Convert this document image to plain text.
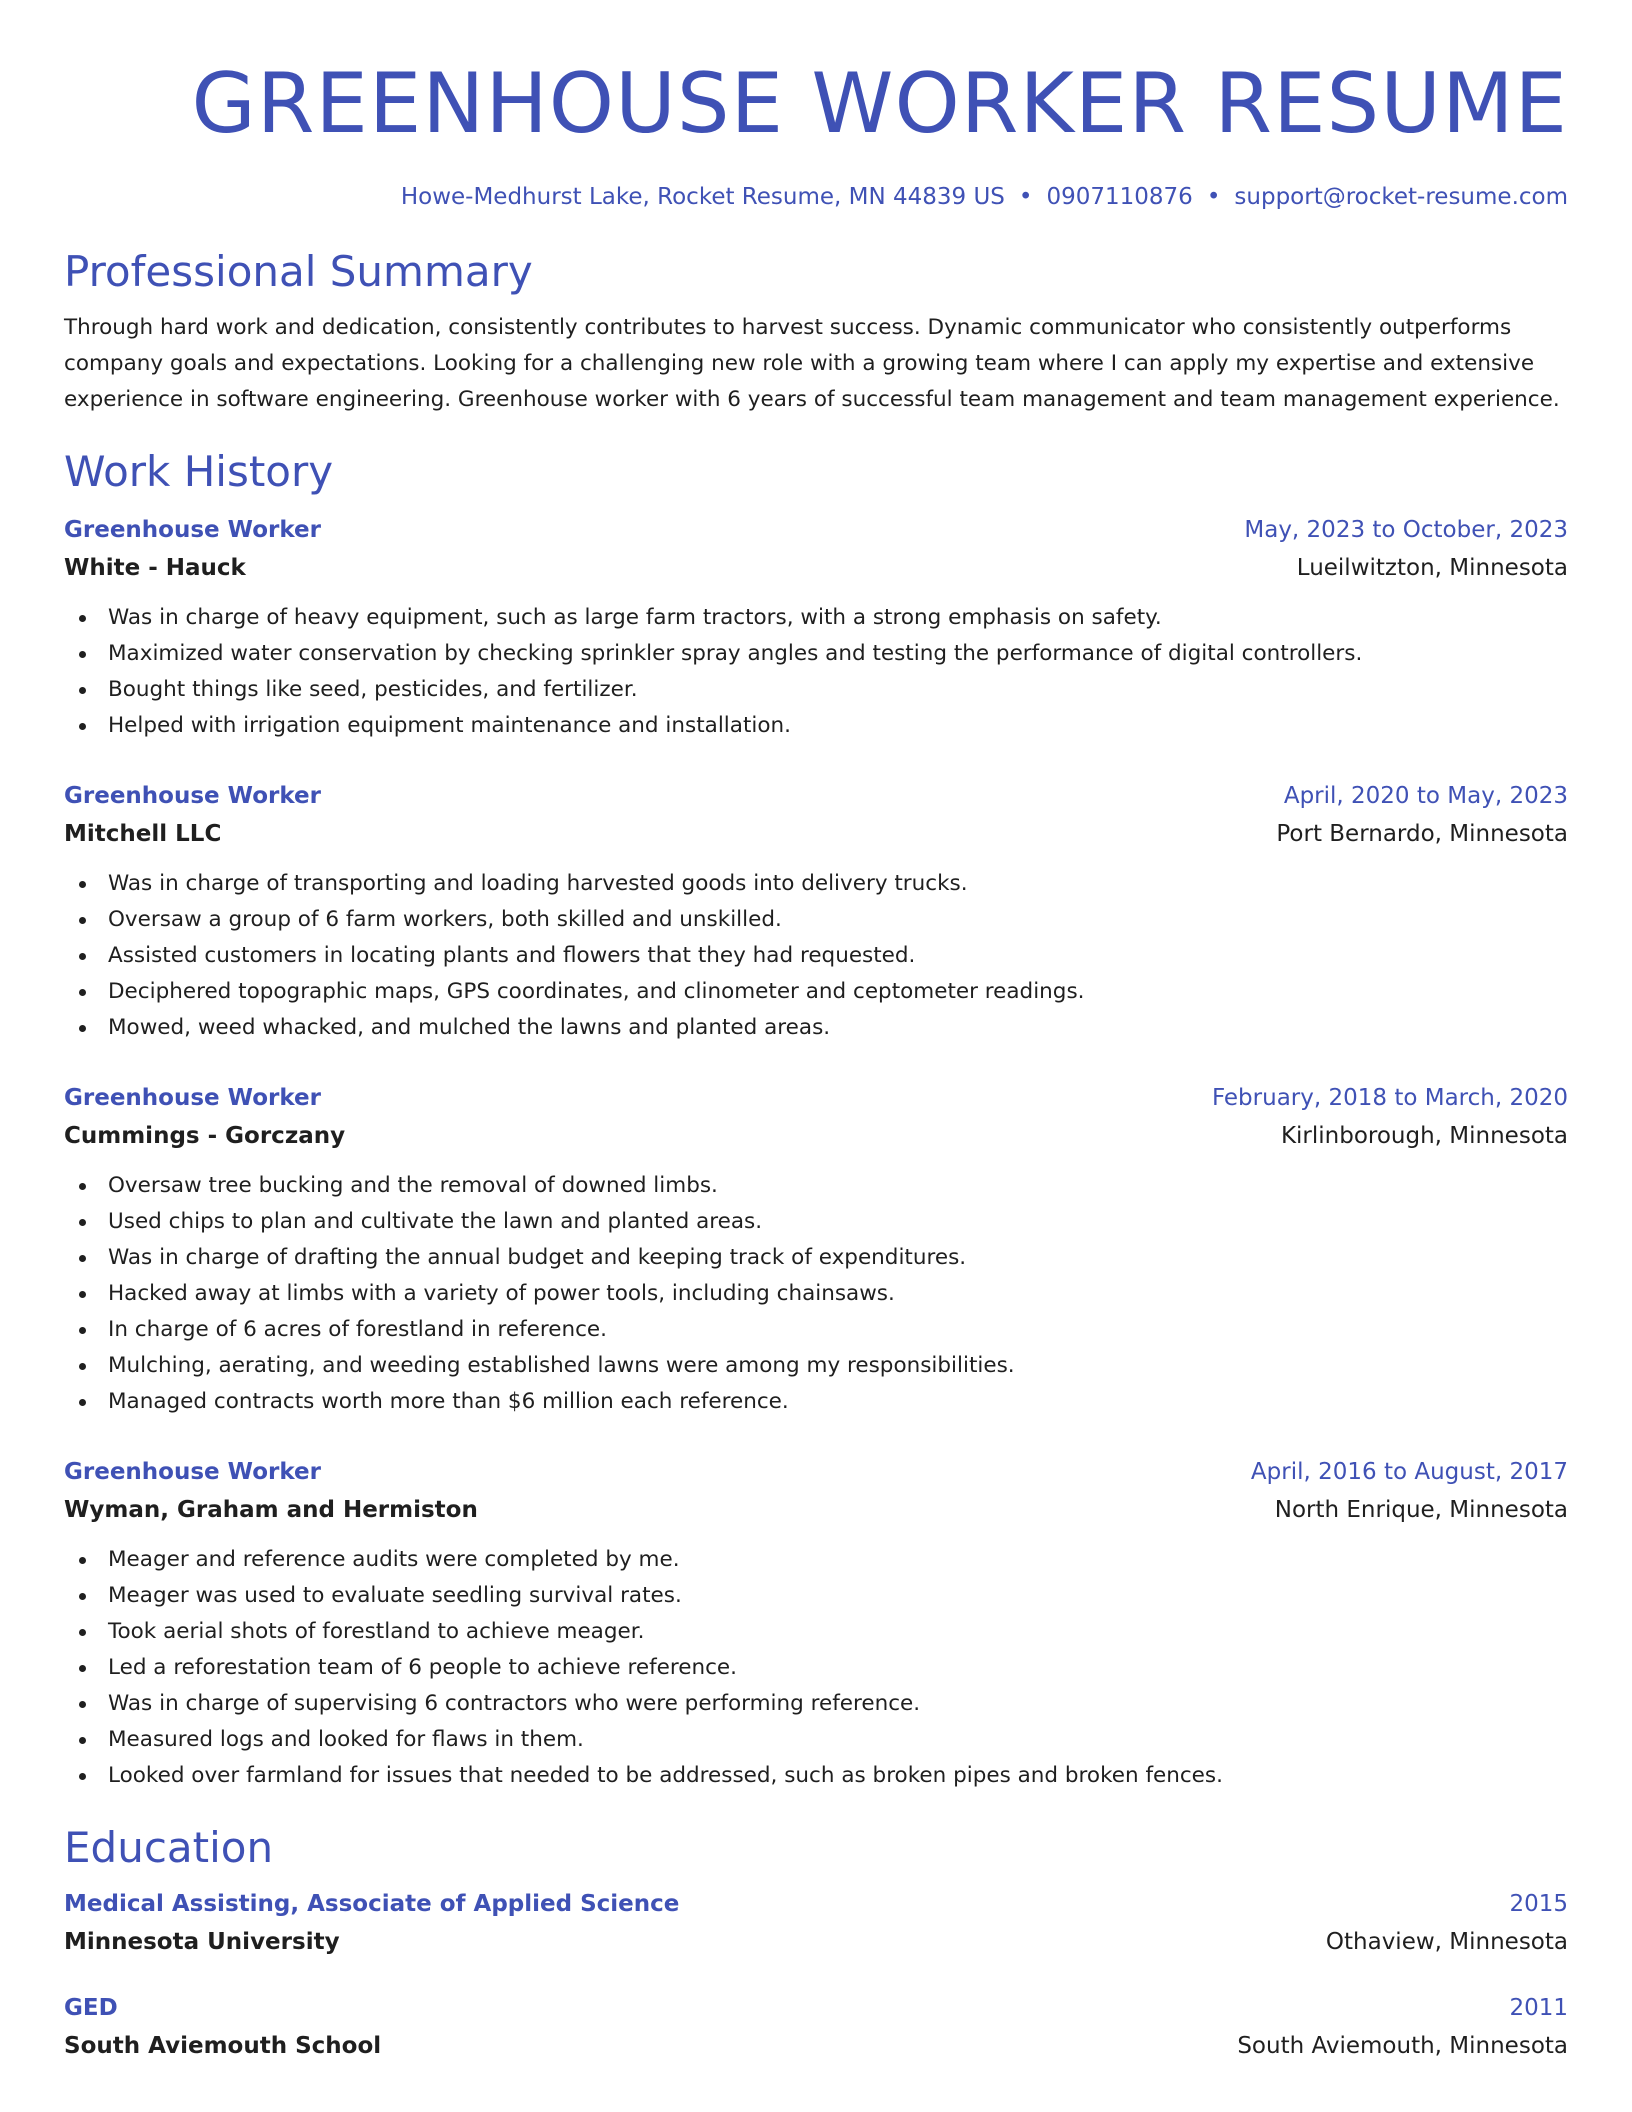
GREENHOUSE WORKER RESUME
Howe-Medhurst Lake, Rocket Resume, MN 44839 US • 0907110876 • support@rocket-resume.com
Professional Summary
Through hard work and dedication, consistently contributes to harvest success. Dynamic communicator who consistently outperforms company goals and expectations. Looking for a challenging new role with a growing team where I can apply my expertise and extensive experience in software engineering. Greenhouse worker with 6 years of successful team management and team management experience.
Work History
Greenhouse Worker	May, 2023 to October, 2023
White - Hauck	Lueilwitzton, Minnesota
Was in charge of heavy equipment, such as large farm tractors, with a strong emphasis on safety.
Maximized water conservation by checking sprinkler spray angles and testing the performance of digital controllers.
Bought things like seed, pesticides, and fertilizer.
Helped with irrigation equipment maintenance and installation.
Greenhouse Worker	April, 2020 to May, 2023
Mitchell LLC	Port Bernardo, Minnesota
Was in charge of transporting and loading harvested goods into delivery trucks.
Oversaw a group of 6 farm workers, both skilled and unskilled.
Assisted customers in locating plants and flowers that they had requested.
Deciphered topographic maps, GPS coordinates, and clinometer and ceptometer readings.
Mowed, weed whacked, and mulched the lawns and planted areas.
Greenhouse Worker	February, 2018 to March, 2020
Cummings - Gorczany	Kirlinborough, Minnesota
Oversaw tree bucking and the removal of downed limbs.
Used chips to plan and cultivate the lawn and planted areas.
Was in charge of drafting the annual budget and keeping track of expenditures.
Hacked away at limbs with a variety of power tools, including chainsaws.
In charge of 6 acres of forestland in reference.
Mulching, aerating, and weeding established lawns were among my responsibilities.
Managed contracts worth more than $6 million each reference.
Greenhouse Worker	April, 2016 to August, 2017
Wyman, Graham and Hermiston	North Enrique, Minnesota
Meager and reference audits were completed by me.
Meager was used to evaluate seedling survival rates.
Took aerial shots of forestland to achieve meager.
Led a reforestation team of 6 people to achieve reference.
Was in charge of supervising 6 contractors who were performing reference.
Measured logs and looked for flaws in them.
Looked over farmland for issues that needed to be addressed, such as broken pipes and broken fences.
Education
Medical Assisting, Associate of Applied Science	2015
Minnesota University	Othaview, Minnesota
GED	2011
South Aviemouth School	South Aviemouth, Minnesota
